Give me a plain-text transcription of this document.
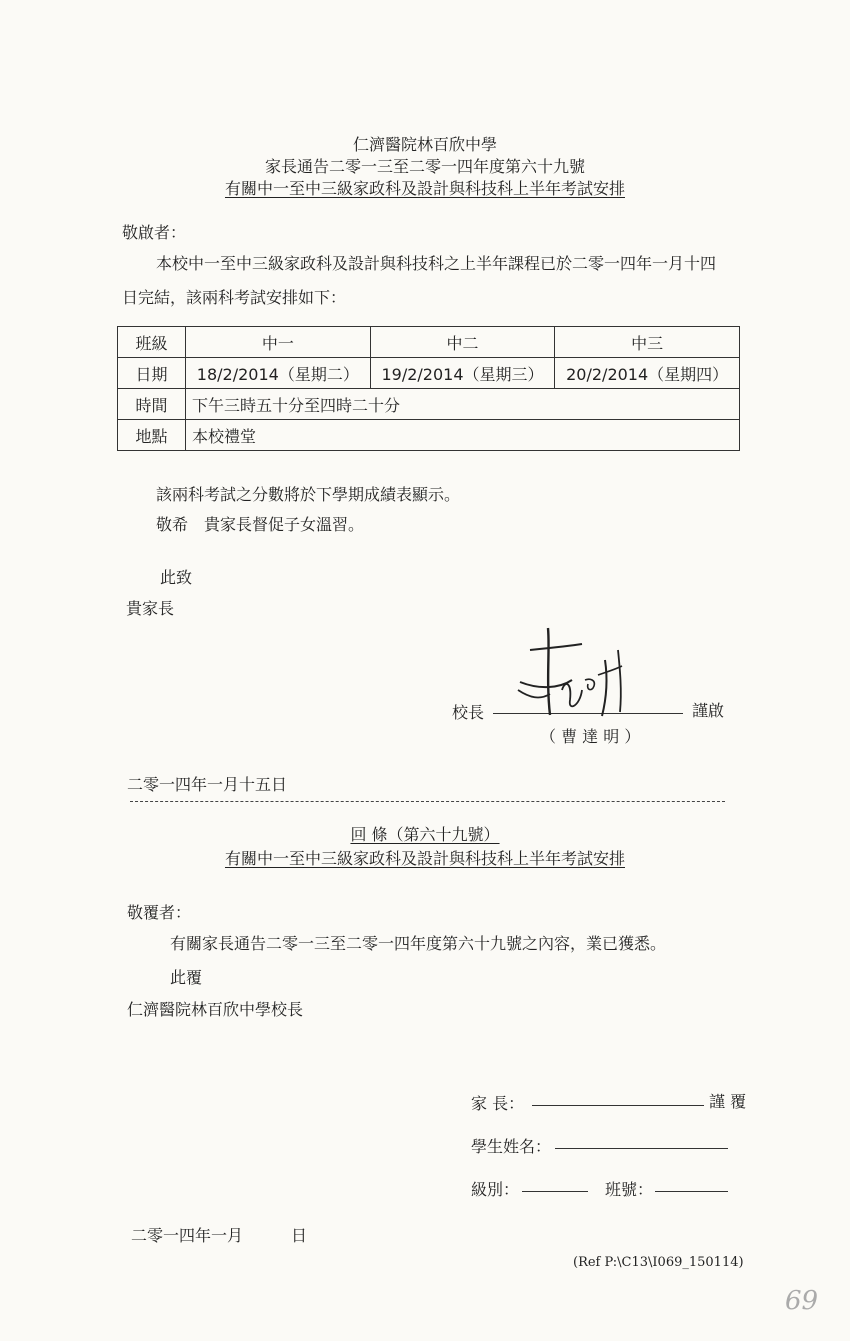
仁濟醫院林百欣中學
家長通告二零一三至二零一四年度第六十九號
有關中一至中三級家政科及設計與科技科上半年考試安排
敬啟者：
本校中一至中三級家政科及設計與科技科之上半年課程已於二零一四年一月十四
日完結，該兩科考試安排如下：
班級	中一	中二	中三
日期	18/2/2014（星期二）	19/2/2014（星期三）	20/2/2014（星期四）
時間	下午三時五十分至四時二十分		
地點	本校禮堂		
該兩科考試之分數將於下學期成績表顯示。
敬希　貴家長督促子女溫習。
此致
貴家長
校長	謹啟
（ 曹 達 明 ）
二零一四年一月十五日
回 條（第六十九號）
有關中一至中三級家政科及設計與科技科上半年考試安排
敬覆者：
有關家長通告二零一三至二零一四年度第六十九號之內容，業已獲悉。
此覆
仁濟醫院林百欣中學校長
家 長：	謹 覆
學生姓名：
級別：	班號：
二零一四年一月　　　日
(Ref P:\C13\I069_150114)
69
